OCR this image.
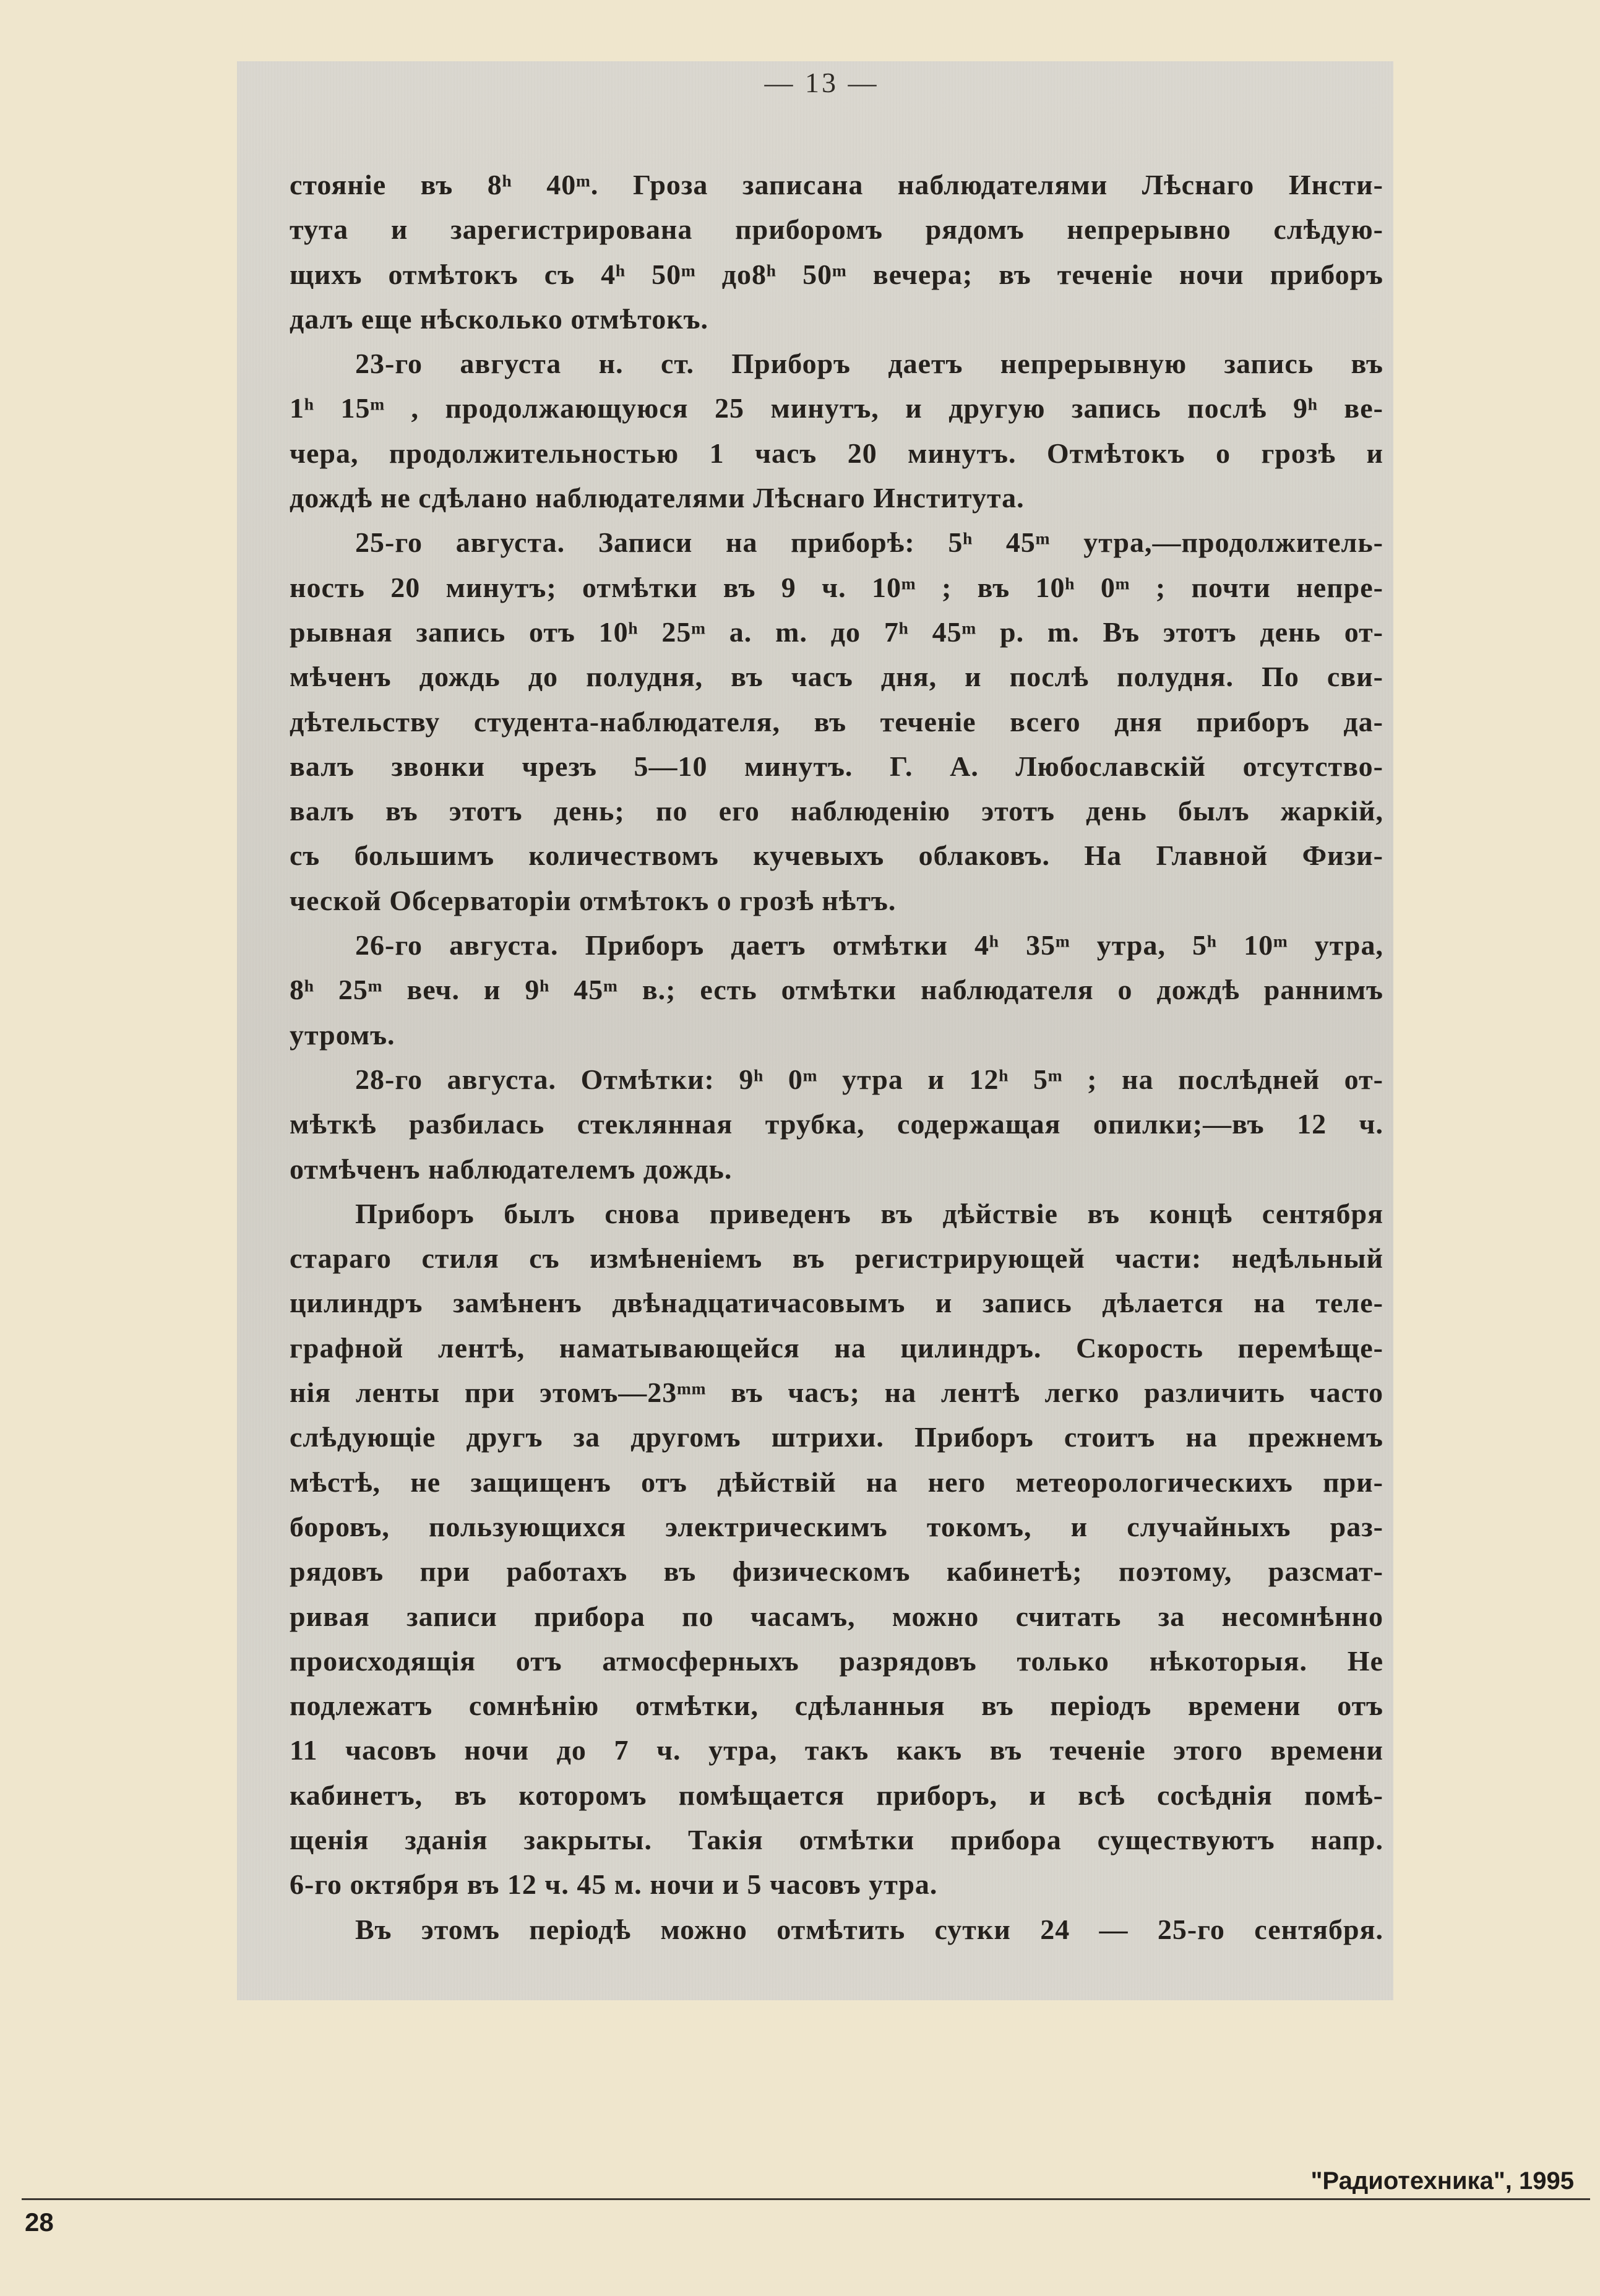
— 13 —
стояніе въ 8ʰ 40ᵐ. Гроза записана наблюдателями Лѣснаго Инсти-
тута и зарегистрирована приборомъ рядомъ непрерывно слѣдую-
щихъ отмѣтокъ съ 4ʰ 50ᵐ до8ʰ 50ᵐ вечера; въ теченіе ночи приборъ
далъ еще нѣсколько отмѣтокъ.
23-го августа н. ст. Приборъ даетъ непрерывную запись въ
1ʰ 15ᵐ , продолжающуюся 25 минутъ, и другую запись послѣ 9ʰ ве-
чера, продолжительностью 1 часъ 20 минутъ. Отмѣтокъ о грозѣ и
дождѣ не сдѣлано наблюдателями Лѣснаго Института.
25-го августа. Записи на приборѣ: 5ʰ 45ᵐ утра,—продолжитель-
ность 20 минутъ; отмѣтки въ 9 ч. 10ᵐ ; въ 10ʰ 0ᵐ ; почти непре-
рывная запись отъ 10ʰ 25ᵐ a. m. до 7ʰ 45ᵐ p. m. Въ этотъ день от-
мѣченъ дождь до полудня, въ часъ дня, и послѣ полудня. По сви-
дѣтельству студента-наблюдателя, въ теченіе всего дня приборъ да-
валъ звонки чрезъ 5—10 минутъ. Г. А. Любославскій отсутство-
валъ въ этотъ день; по его наблюденію этотъ день былъ жаркій,
съ большимъ количествомъ кучевыхъ облаковъ. На Главной Физи-
ческой Обсерваторіи отмѣтокъ о грозѣ нѣтъ.
26-го августа. Приборъ даетъ отмѣтки 4ʰ 35ᵐ утра, 5ʰ 10ᵐ утра,
8ʰ 25ᵐ веч. и 9ʰ 45ᵐ в.; есть отмѣтки наблюдателя о дождѣ раннимъ
утромъ.
28-го августа. Отмѣтки: 9ʰ 0ᵐ утра и 12ʰ 5ᵐ ; на послѣдней от-
мѣткѣ разбилась стеклянная трубка, содержащая опилки;—въ 12 ч.
отмѣченъ наблюдателемъ дождь.
Приборъ былъ снова приведенъ въ дѣйствіе въ концѣ сентября
стараго стиля съ измѣненіемъ въ регистрирующей части: недѣльный
цилиндръ замѣненъ двѣнадцатичасовымъ и запись дѣлается на теле-
графной лентѣ, наматывающейся на цилиндръ. Скорость перемѣще-
нія ленты при этомъ—23ᵐᵐ въ часъ; на лентѣ легко различить часто
слѣдующіе другъ за другомъ штрихи. Приборъ стоитъ на прежнемъ
мѣстѣ, не защищенъ отъ дѣйствій на него метеорологическихъ при-
боровъ, пользующихся электрическимъ токомъ, и случайныхъ раз-
рядовъ при работахъ въ физическомъ кабинетѣ; поэтому, разсмат-
ривая записи прибора по часамъ, можно считать за несомнѣнно
происходящія отъ атмосферныхъ разрядовъ только нѣкоторыя. Не
подлежатъ сомнѣнію отмѣтки, сдѣланныя въ періодъ времени отъ
11 часовъ ночи до 7 ч. утра, такъ какъ въ теченіе этого времени
кабинетъ, въ которомъ помѣщается приборъ, и всѣ сосѣднія помѣ-
щенія зданія закрыты. Такія отмѣтки прибора существуютъ напр.
6-го октября въ 12 ч. 45 м. ночи и 5 часовъ утра.
Въ этомъ періодѣ можно отмѣтить сутки 24 — 25-го сентября.
"Радиотехника", 1995
28
